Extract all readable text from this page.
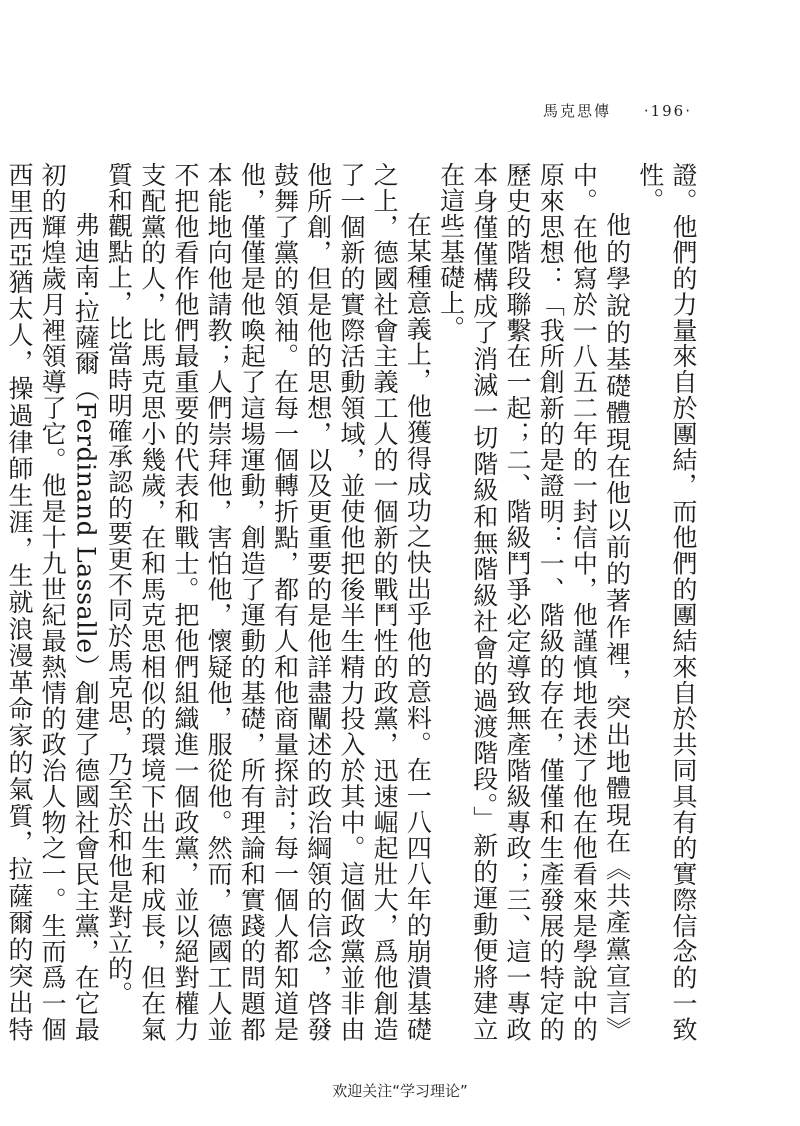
馬克思傳 ‧196‧

證。他們的力量來自於團結，而他們的團結來自於共同具有的實際信念的一致性。

他的學說的基礎體現在他以前的著作裡，突出地體現在《共產黨宣言》中。在他寫於一八五二年的一封信中，他謹慎地表述了他在他看來是學說中的原來思想：「我所創新的是證明：一、階級的存在，僅僅和生產發展的特定的歷史的階段聯繫在一起；二、階級鬥爭必定導致無產階級專政；三、這一專政本身僅僅構成了消滅一切階級和無階級社會的過渡階段。」新的運動便將建立在這些基礎上。

在某種意義上，他獲得成功之快出乎他的意料。在一八四八年的崩潰基礎之上，德國社會主義工人的一個新的戰鬥性的政黨，迅速崛起壯大，爲他創造了一個新的實際活動領域，並使他把後半生精力投入於其中。這個政黨並非由他所創，但是他的思想，以及更重要的是他詳盡闡述的政治綱領的信念，啓發鼓舞了黨的領袖。在每一個轉折點，都有人和他商量探討；每一個人都知道是他，僅僅是他喚起了這場運動，創造了運動的基礎，所有理論和實踐的問題都本能地向他請教；人們崇拜他，害怕他，懷疑他，服從他。然而，德國工人並不把他看作他們最重要的代表和戰士。把他們組織進一個政黨，並以絕對權力支配黨的人，比馬克思小幾歲，在和馬克思相似的環境下出生和成長，但在氣質和觀點上，比當時明確承認的要更不同於馬克思，乃至於和他是對立的。

弗迪南‧拉薩爾（Ferdinand Lassalle）創建了德國社會民主黨，在它最初的輝煌歲月裡領導了它。他是十九世紀最熱情的政治人物之一。生而爲一個西里西亞猶太人，操過律師生涯，生就浪漫革命家的氣質，拉薩爾的突出特

欢迎关注“学习理论”
